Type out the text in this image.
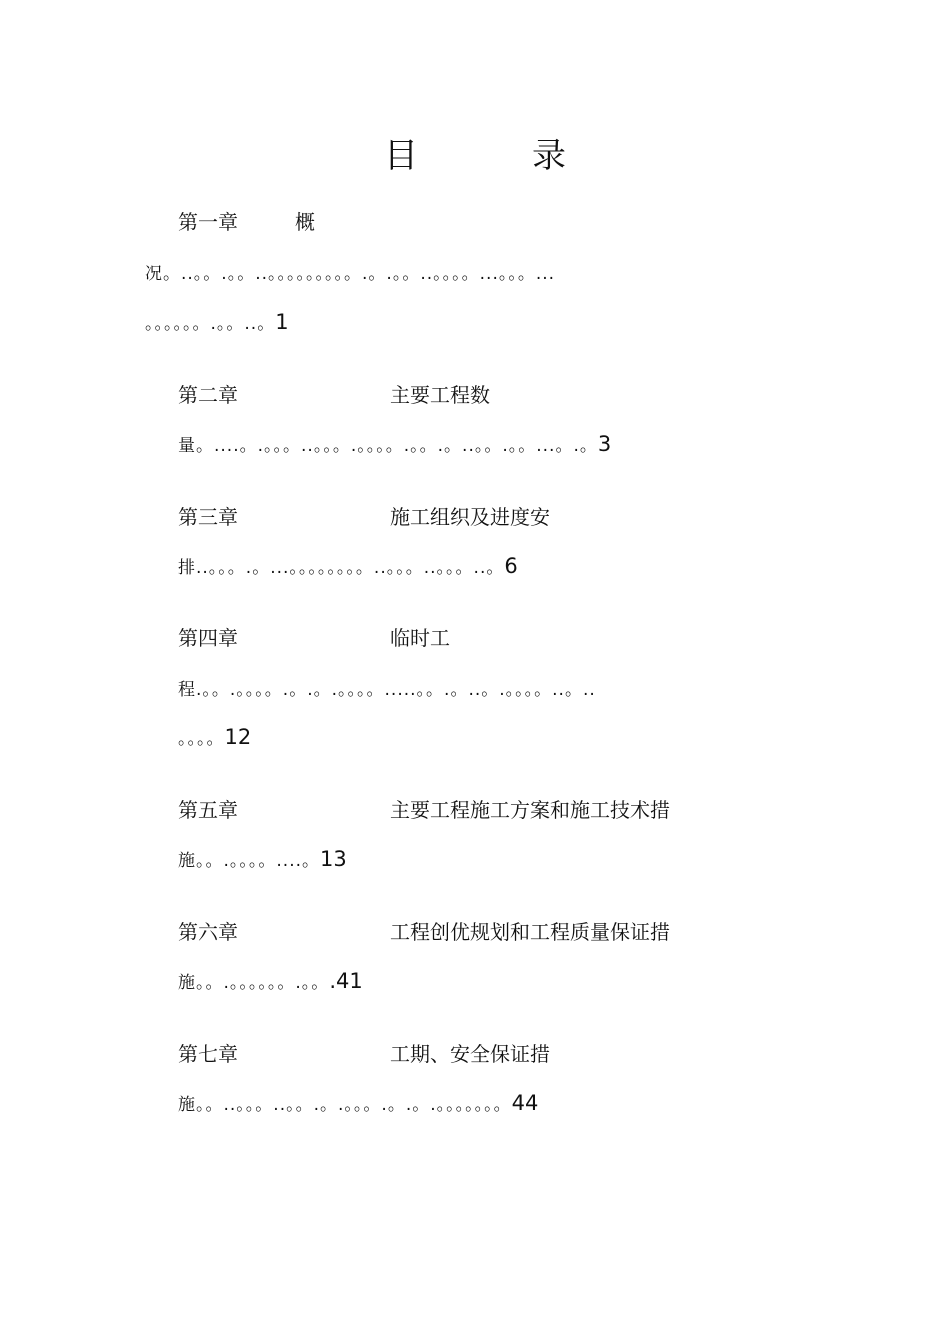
目　录
第一章	概
况。..。。.。。..。。。。。。。。。.。.。。..。。。。...。。。...
。。。。。。.。。..。1
第二章	主要工程数
量。....。.。。。..。。。.。。。。.。。.。..。。.。。...。.。3
第三章	施工组织及进度安
排..。。。.。...。。。。。。。。..。。。..。。。..。6
第四章	临时工
程.。。.。。。。.。.。.。。。。.....。。.。..。.。。。。..。..
。。。。12
第五章	主要工程施工方案和施工技术措
施。。.。。。。....。13
第六章	工程创优规划和工程质量保证措
施。。.。。。。。。.。。.41
第七章	工期、安全保证措
施。。..。。。..。。.。.。。。.。.。.。。。。。。。44
